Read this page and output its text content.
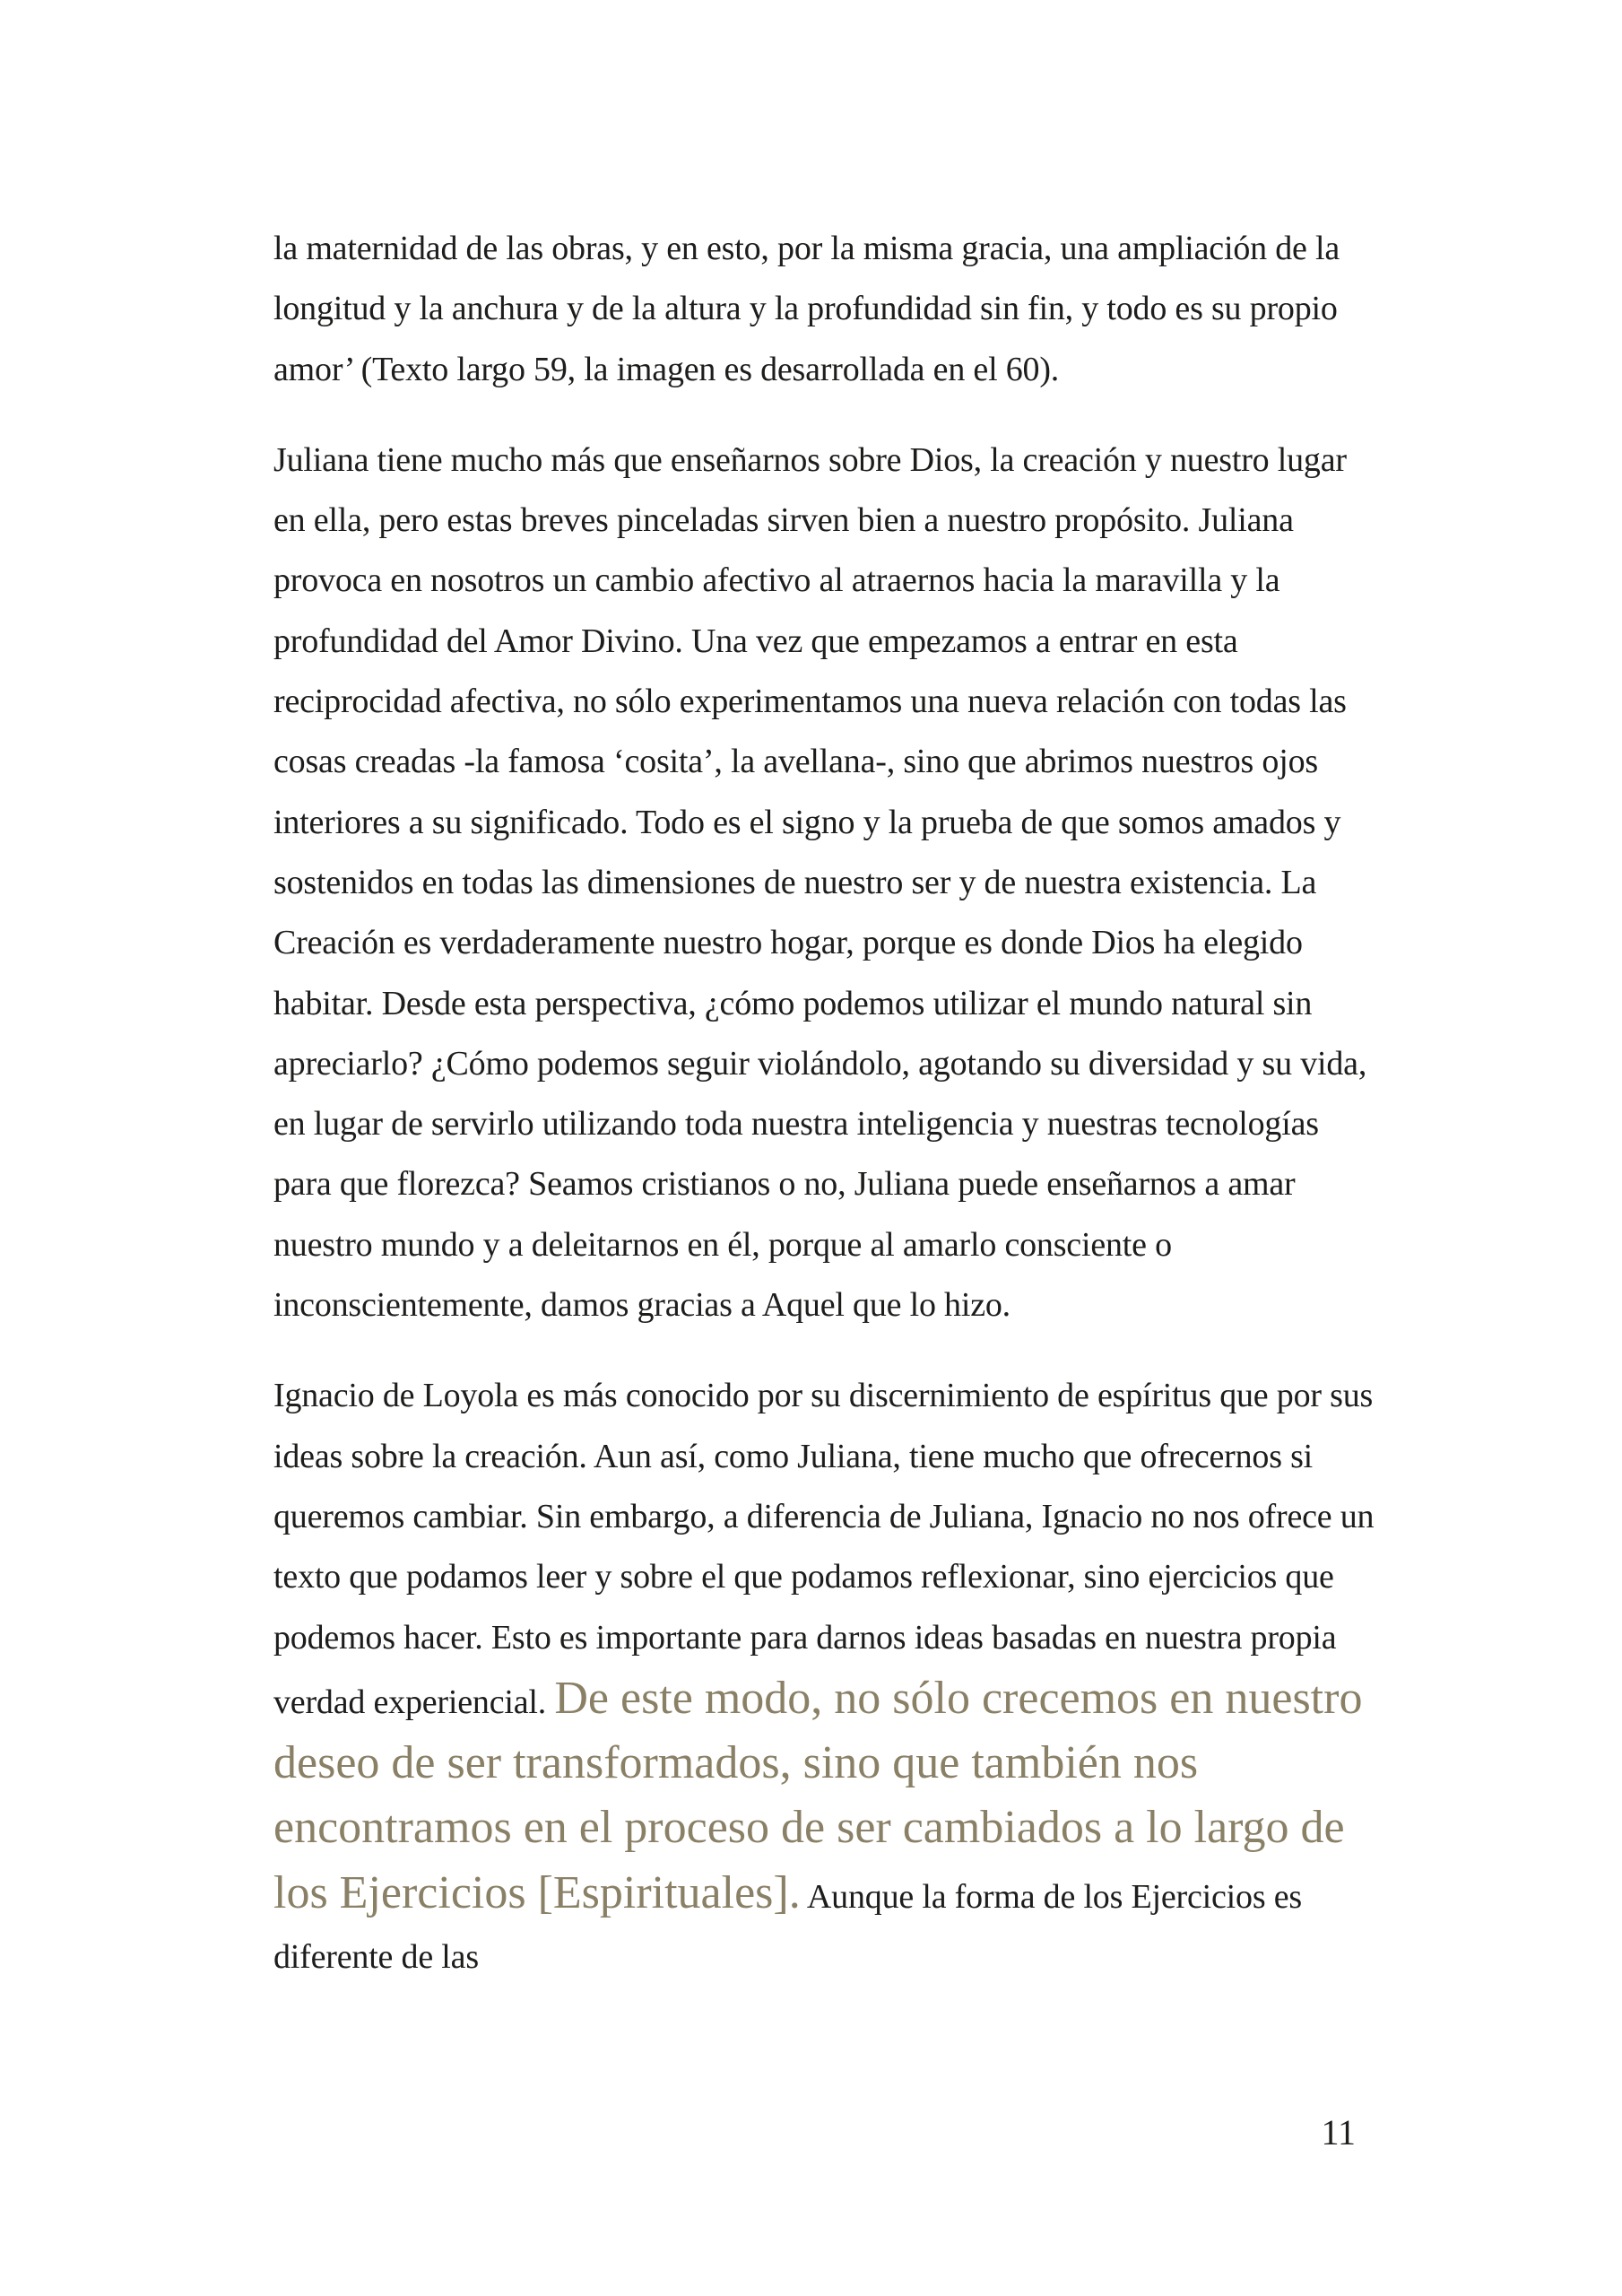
la maternidad de las obras, y en esto, por la misma gracia, una ampliación de la longitud y la anchura y de la altura y la profundidad sin fin, y todo es su propio amor’ (Texto largo 59, la imagen es desarrollada en el 60).

Juliana tiene mucho más que enseñarnos sobre Dios, la creación y nuestro lugar en ella, pero estas breves pinceladas sirven bien a nuestro propósito. Juliana provoca en nosotros un cambio afectivo al atraernos hacia la maravilla y la profundidad del Amor Divino. Una vez que empezamos a entrar en esta reciprocidad afectiva, no sólo experimentamos una nueva relación con todas las cosas creadas -la famosa ‘cosita’, la avellana-, sino que abrimos nuestros ojos interiores a su significado. Todo es el signo y la prueba de que somos amados y sostenidos en todas las dimensiones de nuestro ser y de nuestra existencia. La Creación es verdaderamente nuestro hogar, porque es donde Dios ha elegido habitar. Desde esta perspectiva, ¿cómo podemos utilizar el mundo natural sin apreciarlo? ¿Cómo podemos seguir violándolo, agotando su diversidad y su vida, en lugar de servirlo utilizando toda nuestra inteligencia y nuestras tecnologías para que florezca? Seamos cristianos o no, Juliana puede enseñarnos a amar nuestro mundo y a deleitarnos en él, porque al amarlo consciente o inconscientemente, damos gracias a Aquel que lo hizo.

Ignacio de Loyola es más conocido por su discernimiento de espíritus que por sus ideas sobre la creación. Aun así, como Juliana, tiene mucho que ofrecernos si queremos cambiar. Sin embargo, a diferencia de Juliana, Ignacio no nos ofrece un texto que podamos leer y sobre el que podamos reflexionar, sino ejercicios que podemos hacer. Esto es importante para darnos ideas basadas en nuestra propia verdad experiencial. De este modo, no sólo crecemos en nuestro deseo de ser transformados, sino que también nos encontramos en el proceso de ser cambiados a lo largo de los Ejercicios [Espirituales]. Aunque la forma de los Ejercicios es diferente de las

11
